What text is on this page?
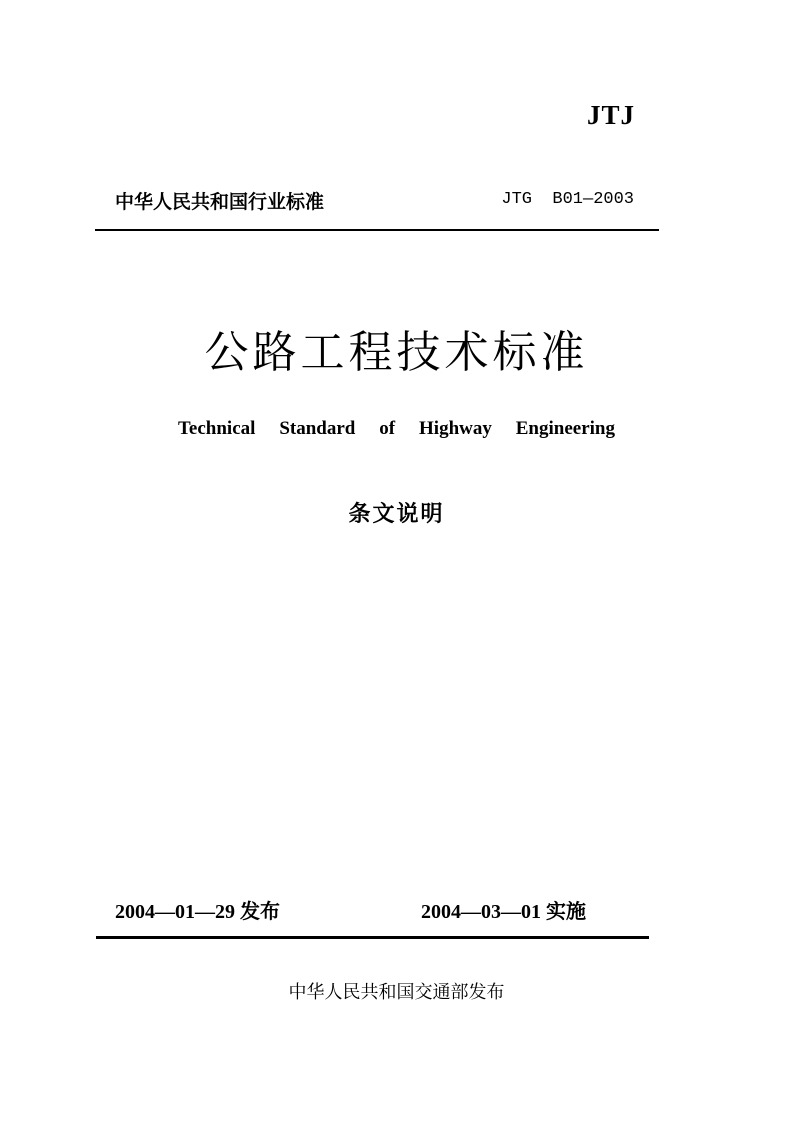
JTJ
中华人民共和国行业标准	JTG  B01—2003
公路工程技术标准
Technical Standard of Highway Engineering
条文说明
2004—01—29 发布	2004—03—01 实施
中华人民共和国交通部发布
